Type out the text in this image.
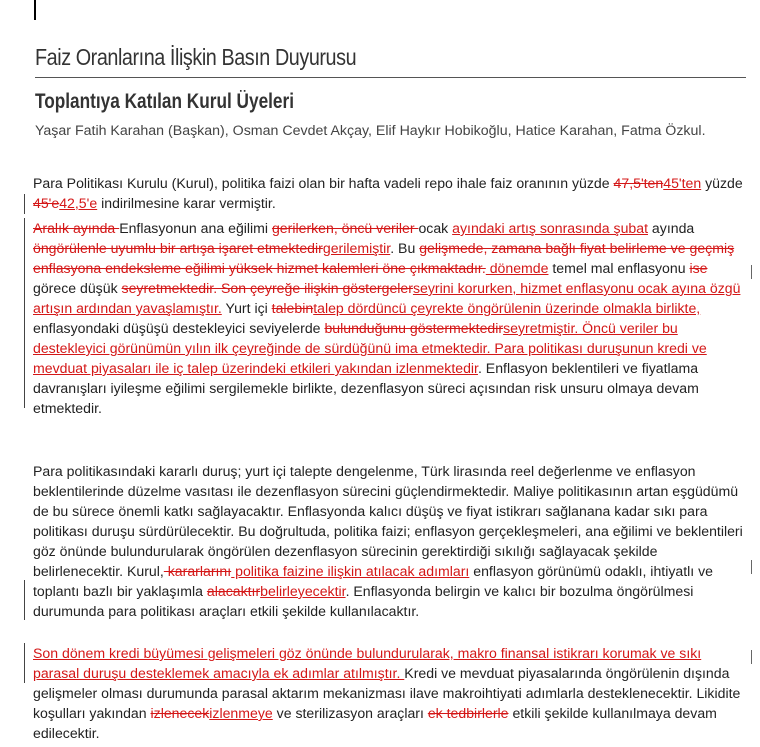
Faiz Oranlarına İlişkin Basın Duyurusu
Toplantıya Katılan Kurul Üyeleri
Yaşar Fatih Karahan (Başkan), Osman Cevdet Akçay, Elif Haykır Hobikoğlu, Hatice Karahan, Fatma Özkul.
Para Politikası Kurulu (Kurul), politika faizi olan bir hafta vadeli repo ihale faiz oranının yüzde 47,5'ten45'ten yüzde 45'e42,5'e indirilmesine karar vermiştir.
Aralık ayında Enflasyonun ana eğilimi gerilerken, öncü veriler ocak ayındaki artış sonrasında şubat ayında öngörülenle uyumlu bir artışa işaret etmektedirgerilemiştir. Bu gelişmede, zamana bağlı fiyat belirleme ve geçmiş enflasyona endeksleme eğilimi yüksek hizmet kalemleri öne çıkmaktadır. dönemde temel mal enflasyonu ise görece düşük seyretmektedir. Son çeyreğe ilişkin göstergelerseyrini korurken, hizmet enflasyonu ocak ayına özgü artışın ardından yavaşlamıştır. Yurt içi talebintalep dördüncü çeyrekte öngörülenin üzerinde olmakla birlikte, enflasyondaki düşüşü destekleyici seviyelerde bulunduğunu göstermektedirseyretmiştir. Öncü veriler bu destekleyici görünümün yılın ilk çeyreğinde de sürdüğünü ima etmektedir. Para politikası duruşunun kredi ve mevduat piyasaları ile iç talep üzerindeki etkileri yakından izlenmektedir. Enflasyon beklentileri ve fiyatlama davranışları iyileşme eğilimi sergilemekle birlikte, dezenflasyon süreci açısından risk unsuru olmaya devam etmektedir.
Para politikasındaki kararlı duruş; yurt içi talepte dengelenme, Türk lirasında reel değerlenme ve enflasyon beklentilerinde düzelme vasıtası ile dezenflasyon sürecini güçlendirmektedir. Maliye politikasının artan eşgüdümü de bu sürece önemli katkı sağlayacaktır. Enflasyonda kalıcı düşüş ve fiyat istikrarı sağlanana kadar sıkı para politikası duruşu sürdürülecektir. Bu doğrultuda, politika faizi; enflasyon gerçekleşmeleri, ana eğilimi ve beklentileri göz önünde bulundurularak öngörülen dezenflasyon sürecinin gerektirdiği sıkılığı sağlayacak şekilde belirlenecektir. Kurul, kararlarını politika faizine ilişkin atılacak adımları enflasyon görünümü odaklı, ihtiyatlı ve toplantı bazlı bir yaklaşımla alacaktırbelirleyecektir. Enflasyonda belirgin ve kalıcı bir bozulma öngörülmesi durumunda para politikası araçları etkili şekilde kullanılacaktır.
Son dönem kredi büyümesi gelişmeleri göz önünde bulundurularak, makro finansal istikrarı korumak ve sıkı parasal duruşu desteklemek amacıyla ek adımlar atılmıştır. Kredi ve mevduat piyasalarında öngörülenin dışında gelişmeler olması durumunda parasal aktarım mekanizması ilave makroihtiyati adımlarla desteklenecektir. Likidite koşulları yakından izlenecekizlenmeye ve sterilizasyon araçları ek tedbirlerle etkili şekilde kullanılmaya devam edilecektir.
